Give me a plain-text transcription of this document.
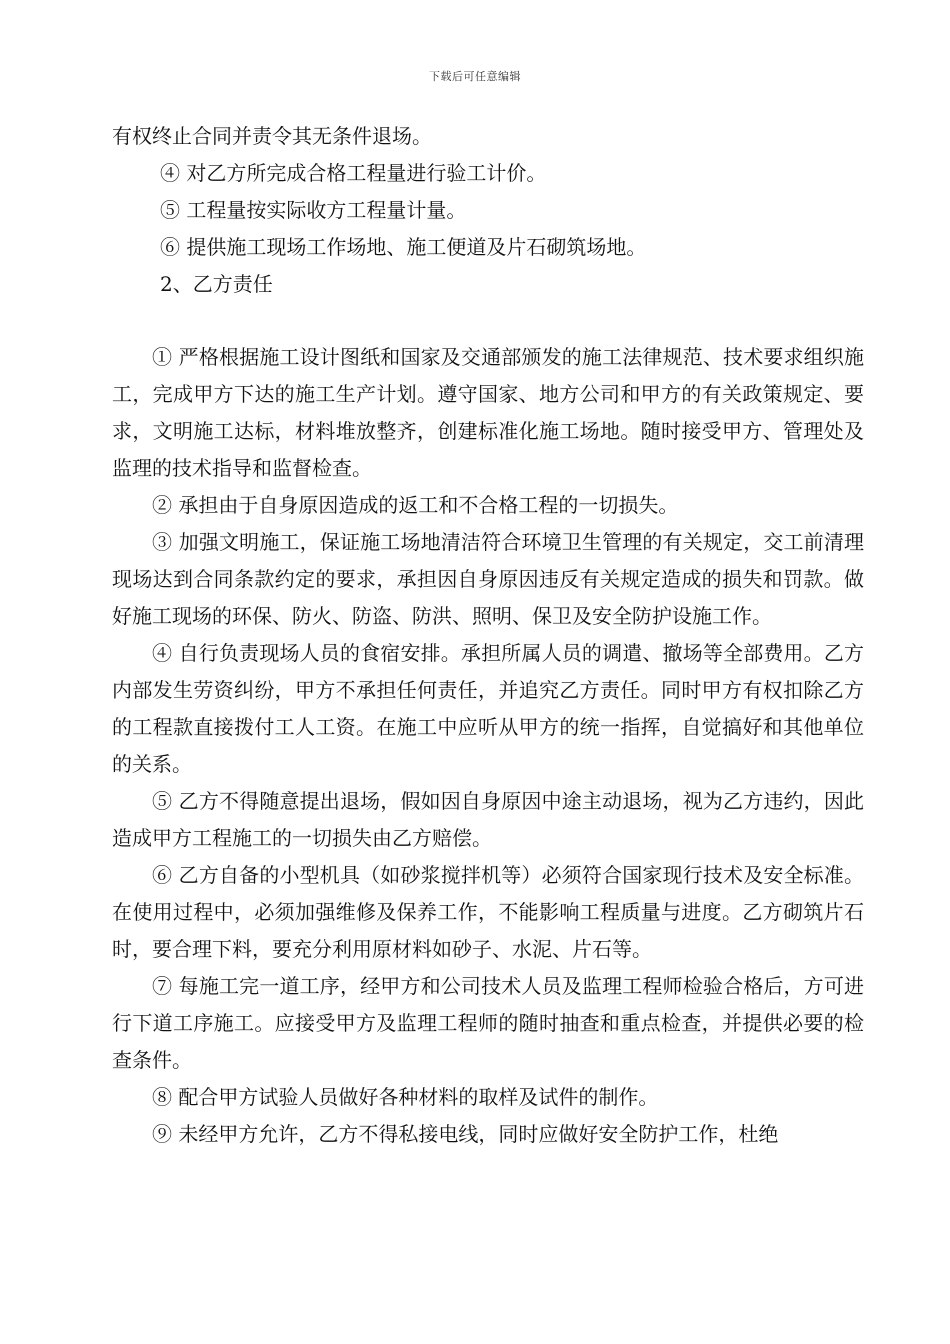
下载后可任意编辑

有权终止合同并责令其无条件退场。

④ 对乙方所完成合格工程量进行验工计价。

⑤ 工程量按实际收方工程量计量。

⑥ 提供施工现场工作场地、施工便道及片石砌筑场地。

2、乙方责任

① 严格根据施工设计图纸和国家及交通部颁发的施工法律规范、技术要求组织施工，完成甲方下达的施工生产计划。遵守国家、地方公司和甲方的有关政策规定、要求，文明施工达标，材料堆放整齐，创建标准化施工场地。随时接受甲方、管理处及监理的技术指导和监督检查。

② 承担由于自身原因造成的返工和不合格工程的一切损失。

③ 加强文明施工，保证施工场地清洁符合环境卫生管理的有关规定，交工前清理现场达到合同条款约定的要求，承担因自身原因违反有关规定造成的损失和罚款。做好施工现场的环保、防火、防盗、防洪、照明、保卫及安全防护设施工作。

④ 自行负责现场人员的食宿安排。承担所属人员的调遣、撤场等全部费用。乙方内部发生劳资纠纷，甲方不承担任何责任，并追究乙方责任。同时甲方有权扣除乙方的工程款直接拨付工人工资。在施工中应听从甲方的统一指挥，自觉搞好和其他单位的关系。

⑤ 乙方不得随意提出退场，假如因自身原因中途主动退场，视为乙方违约，因此造成甲方工程施工的一切损失由乙方赔偿。

⑥ 乙方自备的小型机具（如砂浆搅拌机等）必须符合国家现行技术及安全标准。在使用过程中，必须加强维修及保养工作，不能影响工程质量与进度。乙方砌筑片石时，要合理下料，要充分利用原材料如砂子、水泥、片石等。

⑦ 每施工完一道工序，经甲方和公司技术人员及监理工程师检验合格后，方可进行下道工序施工。应接受甲方及监理工程师的随时抽查和重点检查，并提供必要的检查条件。

⑧ 配合甲方试验人员做好各种材料的取样及试件的制作。

⑨ 未经甲方允许，乙方不得私接电线，同时应做好安全防护工作，杜绝
